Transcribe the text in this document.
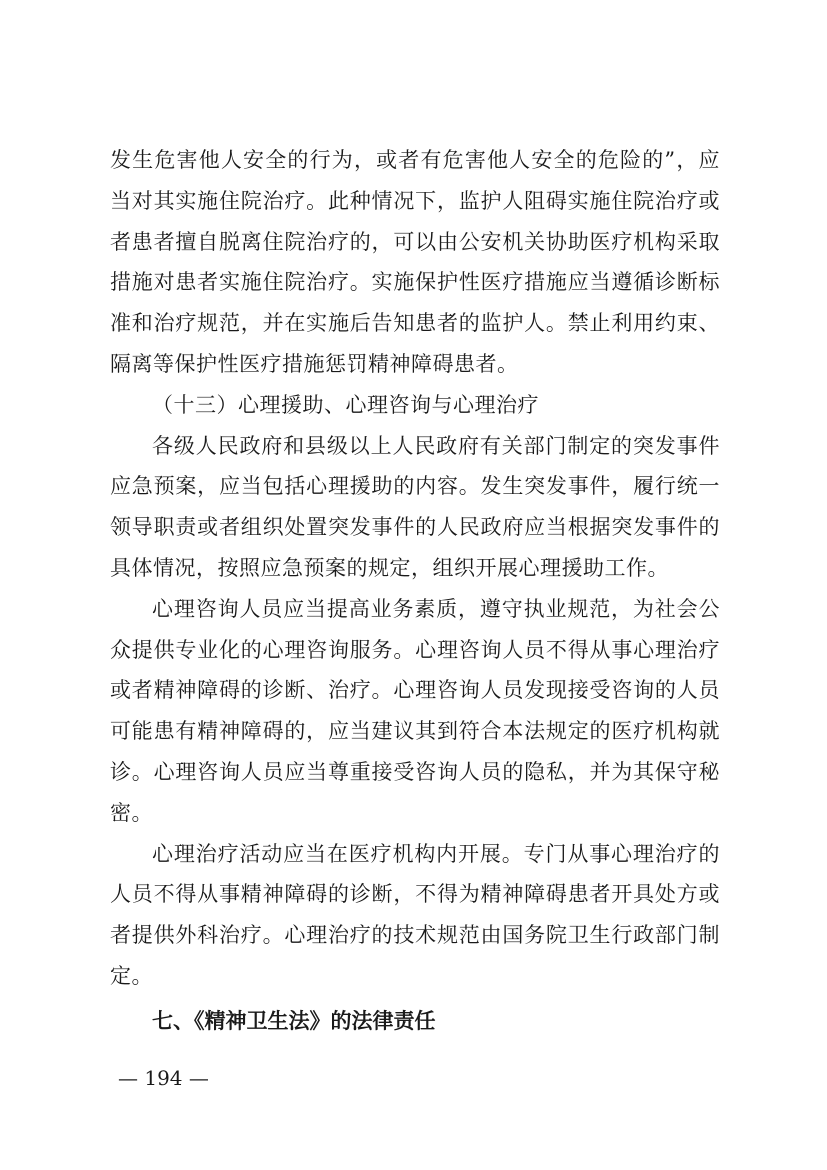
发生危害他人安全的行为，或者有危害他人安全的危险的”，应当对其实施住院治疗。此种情况下，监护人阻碍实施住院治疗或者患者擅自脱离住院治疗的，可以由公安机关协助医疗机构采取措施对患者实施住院治疗。实施保护性医疗措施应当遵循诊断标准和治疗规范，并在实施后告知患者的监护人。禁止利用约束、隔离等保护性医疗措施惩罚精神障碍患者。

（十三）心理援助、心理咨询与心理治疗

各级人民政府和县级以上人民政府有关部门制定的突发事件应急预案，应当包括心理援助的内容。发生突发事件，履行统一领导职责或者组织处置突发事件的人民政府应当根据突发事件的具体情况，按照应急预案的规定，组织开展心理援助工作。

心理咨询人员应当提高业务素质，遵守执业规范，为社会公众提供专业化的心理咨询服务。心理咨询人员不得从事心理治疗或者精神障碍的诊断、治疗。心理咨询人员发现接受咨询的人员可能患有精神障碍的，应当建议其到符合本法规定的医疗机构就诊。心理咨询人员应当尊重接受咨询人员的隐私，并为其保守秘密。

心理治疗活动应当在医疗机构内开展。专门从事心理治疗的人员不得从事精神障碍的诊断，不得为精神障碍患者开具处方或者提供外科治疗。心理治疗的技术规范由国务院卫生行政部门制定。

七、《精神卫生法》的法律责任

— 194 —
